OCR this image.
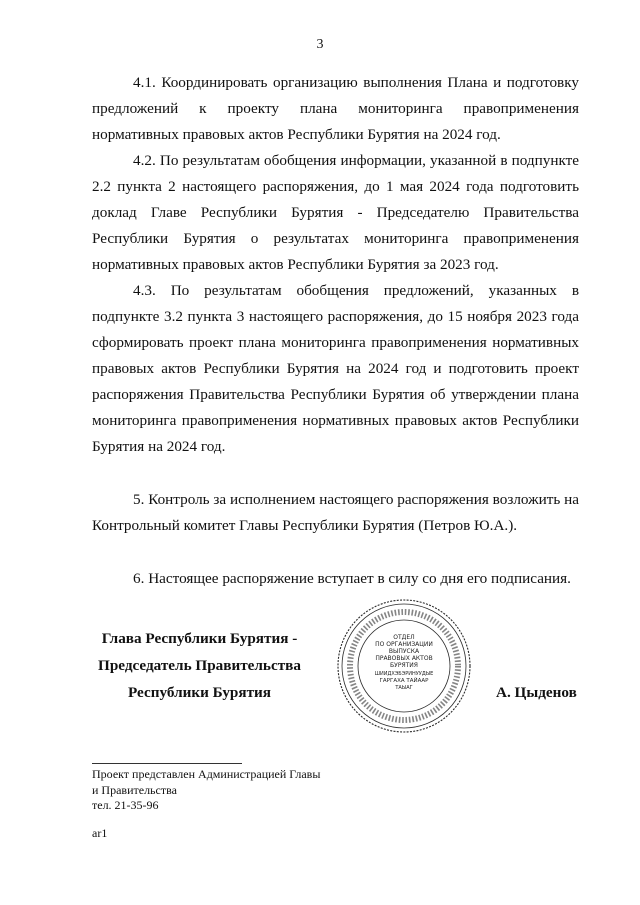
3

4.1. Координировать организацию выполнения Плана и подготовку предложений к проекту плана мониторинга правоприменения нормативных правовых актов Республики Бурятия на 2024 год.

4.2. По результатам обобщения информации, указанной в подпункте 2.2 пункта 2 настоящего распоряжения, до 1 мая 2024 года подготовить доклад Главе Республики Бурятия - Председателю Правительства Республики Бурятия о результатах мониторинга правоприменения нормативных правовых актов Республики Бурятия за 2023 год.

4.3. По результатам обобщения предложений, указанных в подпункте 3.2 пункта 3 настоящего распоряжения, до 15 ноября 2023 года сформировать проект плана мониторинга правоприменения нормативных правовых актов Республики Бурятия на 2024 год и подготовить проект распоряжения Правительства Республики Бурятия об утверждении плана мониторинга правоприменения нормативных правовых актов Республики Бурятия на 2024 год.

5. Контроль за исполнением настоящего распоряжения возложить на Контрольный комитет Главы Республики Бурятия (Петров Ю.А.).

6. Настоящее распоряжение вступает в силу со дня его подписания.

Глава Республики Бурятия -
Председатель Правительства
Республики Бурятия
ОТДЕЛ
ПО ОРГАНИЗАЦИИ
ВЫПУСКА
ПРАВОВЫХ АКТОВ
БУРЯТИЯ
ШИИДХЭБЭРИНУУДЫЕ
ГАРГАХА ТАЙААР
ТАЫАГ	А. Цыденов
Проект представлен Администрацией Главы
и Правительства
тел. 21-35-96
ar1
